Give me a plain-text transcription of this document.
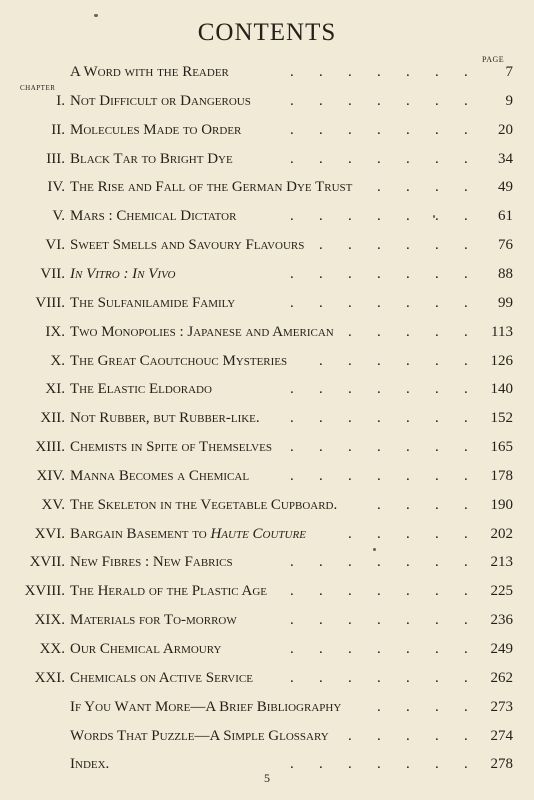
CONTENTS
PAGE
CHAPTER
A Word with the Reader	7
. . . . . . .
I. Not Difficult or Dangerous	9
. . . . . . .
II. Molecules Made to Order	20
. . . . . . .
III. Black Tar to Bright Dye	34
. . . . . . .
IV. The Rise and Fall of the German Dye Trust	49
. . . .
V. Mars : Chemical Dictator	61
. . . . . . .
VI. Sweet Smells and Savoury Flavours	76
. . . . . .
VII. In Vitro : In Vivo	88
. . . . . . .
VIII. The Sulfanilamide Family	99
. . . . . . .
IX. Two Monopolies : Japanese and American	113
. . . . .
X. The Great Caoutchouc Mysteries	126
. . . . . .
XI. The Elastic Eldorado	140
. . . . . . .
XII. Not Rubber, but Rubber-like.	152
. . . . . . .
XIII. Chemists in Spite of Themselves	165
. . . . . . .
XIV. Manna Becomes a Chemical	178
. . . . . . .
XV. The Skeleton in the Vegetable Cupboard.	190
. . . .
XVI. Bargain Basement to Haute Couture	202
. . . . .
XVII. New Fibres : New Fabrics	213
. . . . . . .
XVIII. The Herald of the Plastic Age	225
. . . . . . .
XIX. Materials for To-morrow	236
. . . . . . .
XX. Our Chemical Armoury	249
. . . . . . .
XXI. Chemicals on Active Service	262
. . . . . . .
If You Want More—A Brief Bibliography	273
. . . .
Words That Puzzle—A Simple Glossary	274
. . . . .
Index.	278
. . . . . . .
5
